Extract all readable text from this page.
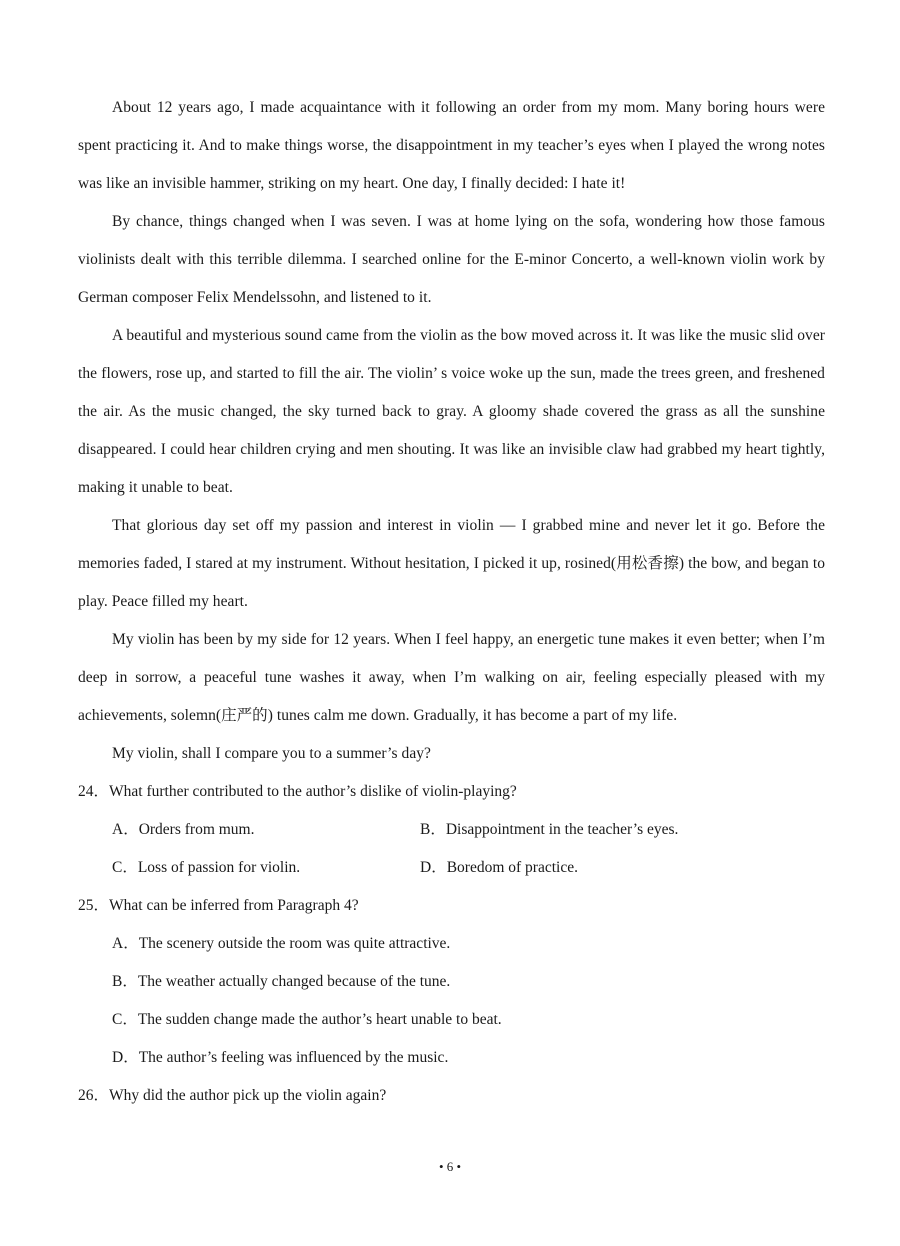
About 12 years ago, I made acquaintance with it following an order from my mom. Many boring hours were spent practicing it. And to make things worse, the disappointment in my teacher’s eyes when I played the wrong notes was like an invisible hammer, striking on my heart. One day, I finally decided: I hate it!

By chance, things changed when I was seven. I was at home lying on the sofa, wondering how those famous violinists dealt with this terrible dilemma. I searched online for the E-minor Concerto, a well-known violin work by German composer Felix Mendelssohn, and listened to it.

A beautiful and mysterious sound came from the violin as the bow moved across it. It was like the music slid over the flowers, rose up, and started to fill the air. The violin’ s voice woke up the sun, made the trees green, and freshened the air. As the music changed, the sky turned back to gray. A gloomy shade covered the grass as all the sunshine disappeared. I could hear children crying and men shouting. It was like an invisible claw had grabbed my heart tightly, making it unable to beat.

That glorious day set off my passion and interest in violin — I grabbed mine and never let it go. Before the memories faded, I stared at my instrument. Without hesitation, I picked it up, rosined(用松香擦) the bow, and began to play. Peace filled my heart.

My violin has been by my side for 12 years. When I feel happy, an energetic tune makes it even better; when I’m deep in sorrow, a peaceful tune washes it away, when I’m walking on air, feeling especially pleased with my achievements, solemn(庄严的) tunes calm me down. Gradually, it has become a part of my life.

My violin, shall I compare you to a summer’s day?

24．What further contributed to the author’s dislike of violin-playing?

A．Orders from mum.	B．Disappointment in the teacher’s eyes.
C．Loss of passion for violin.	D．Boredom of practice.

25．What can be inferred from Paragraph 4?

A．The scenery outside the room was quite attractive.

B．The weather actually changed because of the tune.

C．The sudden change made the author’s heart unable to beat.

D．The author’s feeling was influenced by the music.

26．Why did the author pick up the violin again?

• 6 •
